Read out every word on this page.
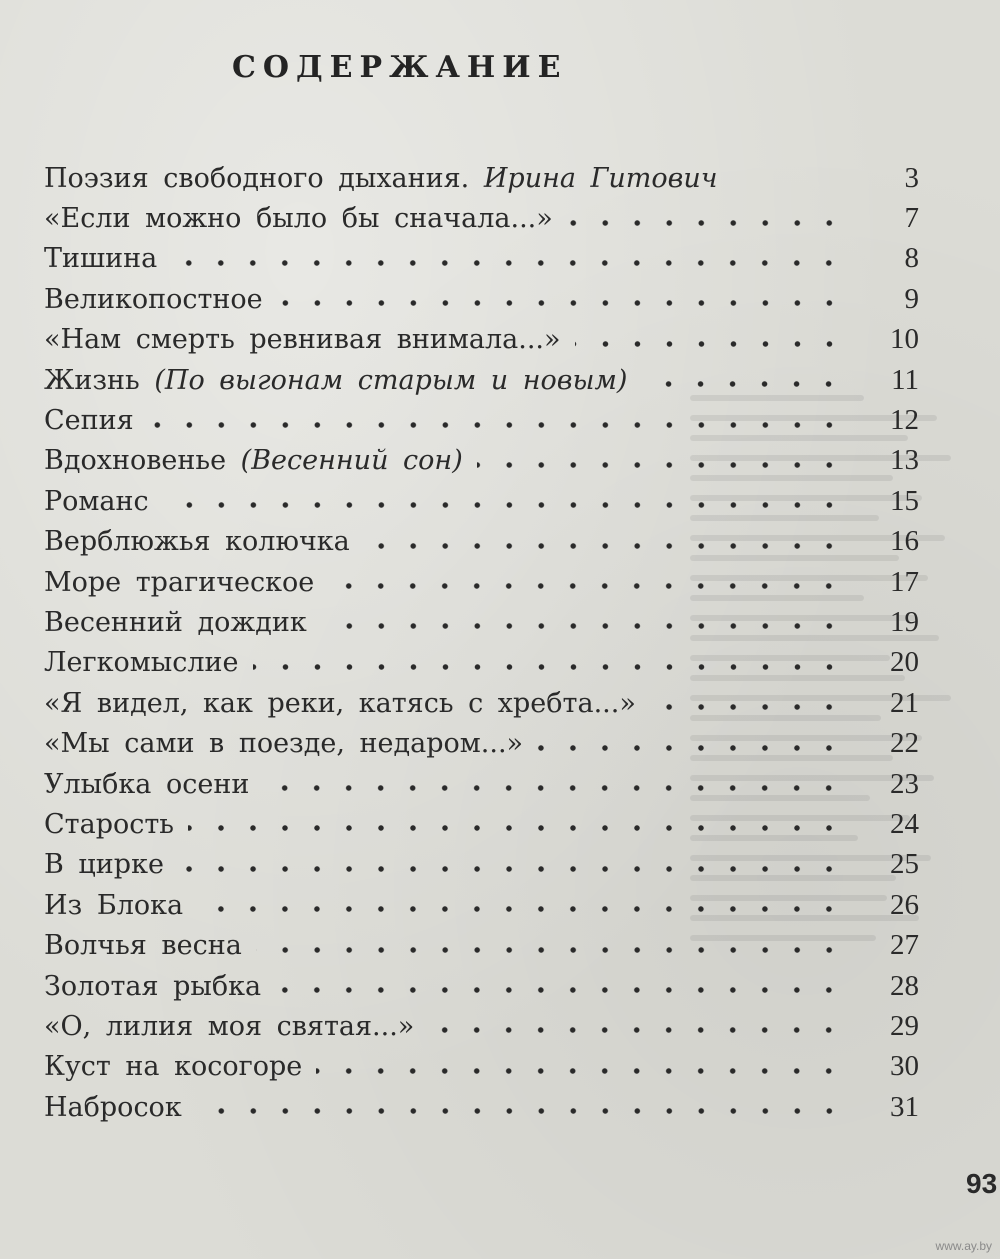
СОДЕРЖАНИЕ
Поэзия свободного дыхания. Ирина Гитович	3
«Если можно было бы сначала...»	7
Тишина	8
Великопостное	9
«Нам смерть ревнивая внимала...»	10
Жизнь (По выгонам старым и новым)	11
Сепия	12
Вдохновенье (Весенний сон)	13
Романс	15
Верблюжья колючка	16
Море трагическое	17
Весенний дождик	19
Легкомыслие	20
«Я видел, как реки, катясь с хребта...»	21
«Мы сами в поезде, недаром...»	22
Улыбка осени	23
Старость	24
В цирке	25
Из Блока	26
Волчья весна	27
Золотая рыбка	28
«О, лилия моя святая...»	29
Куст на косогоре	30
Набросок	31
93
www.ay.by
